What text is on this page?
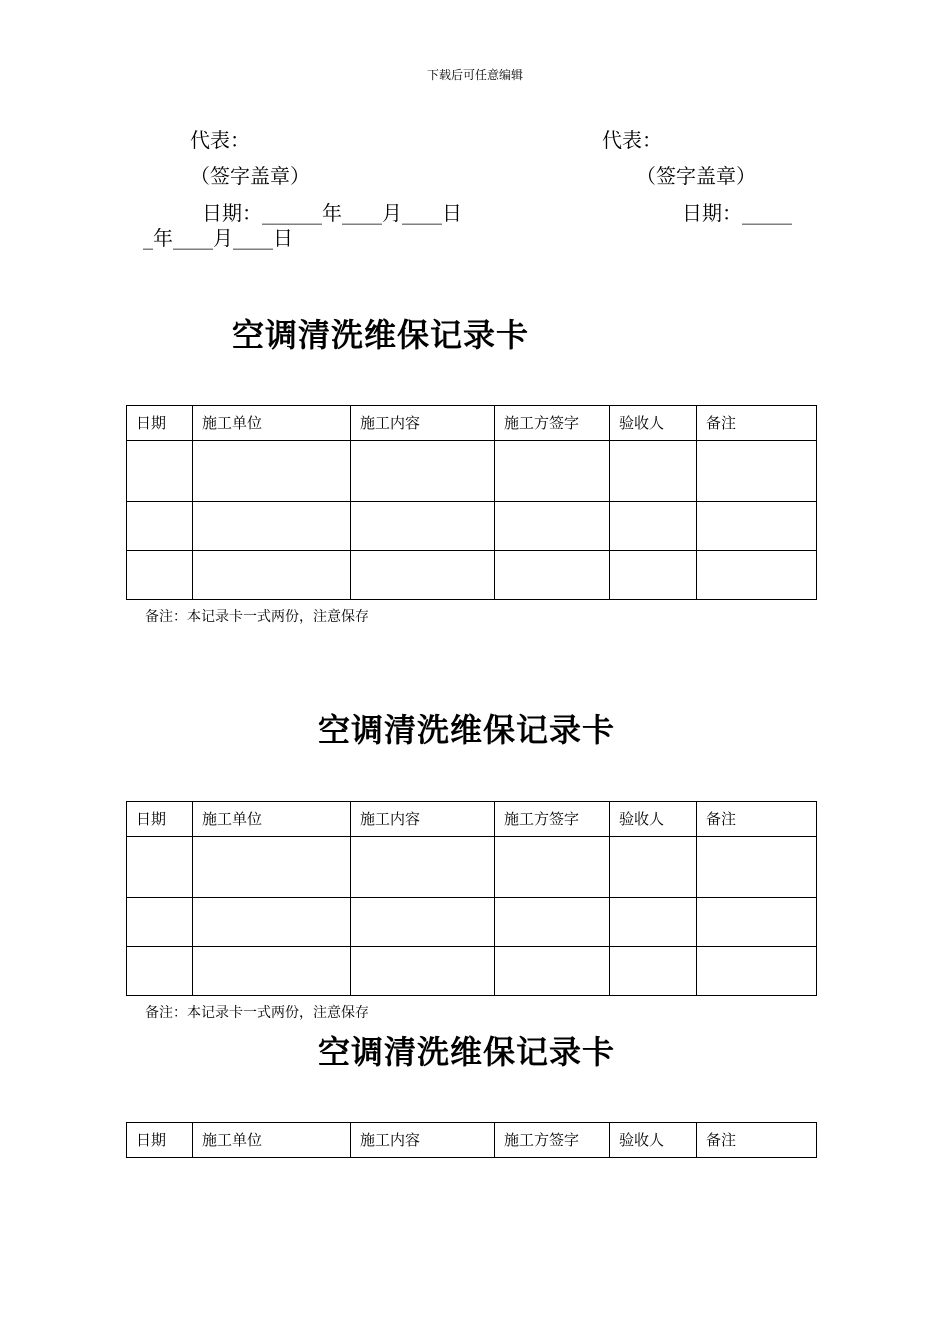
下载后可任意编辑
代表：	代表：
（签字盖章）	（签字盖章）
日期：______年____月____日	日期：_____
_年____月____日
空调清洗维保记录卡
日期	施工单位	施工内容	施工方签字	验收人	备注

备注：本记录卡一式两份，注意保存
空调清洗维保记录卡
日期	施工单位	施工内容	施工方签字	验收人	备注

备注：本记录卡一式两份，注意保存
空调清洗维保记录卡
日期	施工单位	施工内容	施工方签字	验收人	备注
